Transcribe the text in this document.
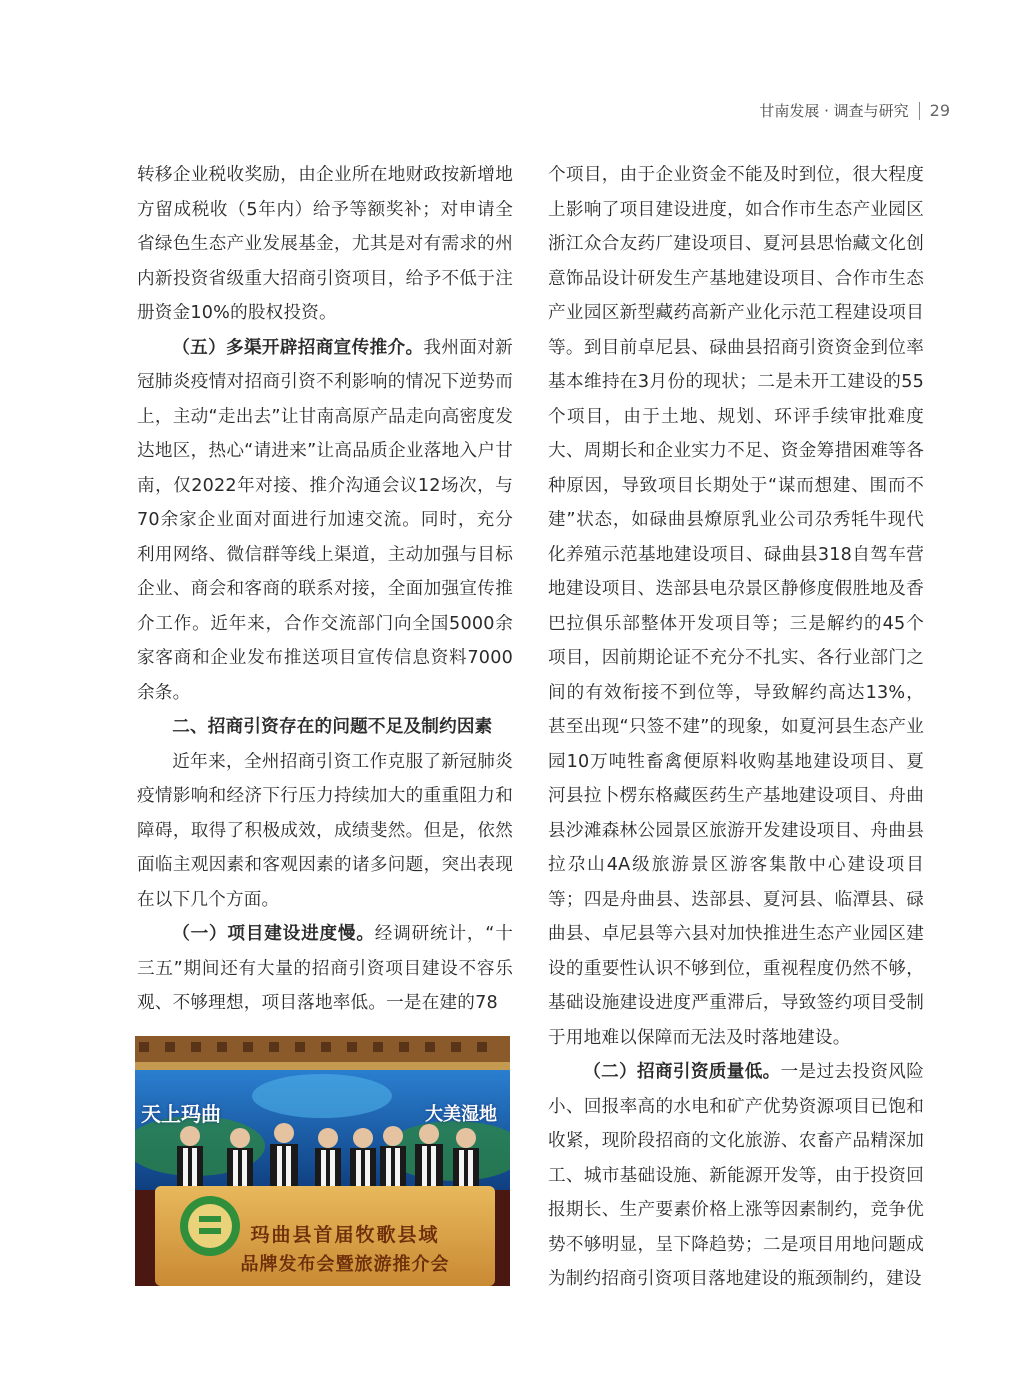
甘南发展 · 调查与研究 29

转移企业税收奖励，由企业所在地财政按新增地方留成税收（5年内）给予等额奖补；对申请全省绿色生态产业发展基金，尤其是对有需求的州内新投资省级重大招商引资项目，给予不低于注册资金10%的股权投资。

（五）多渠开辟招商宣传推介。我州面对新冠肺炎疫情对招商引资不利影响的情况下逆势而上，主动“走出去”让甘南高原产品走向高密度发达地区，热心“请进来”让高品质企业落地入户甘南，仅2022年对接、推介沟通会议12场次，与70余家企业面对面进行加速交流。同时，充分利用网络、微信群等线上渠道，主动加强与目标企业、商会和客商的联系对接，全面加强宣传推介工作。近年来，合作交流部门向全国5000余家客商和企业发布推送项目宣传信息资料7000余条。

二、招商引资存在的问题不足及制约因素

近年来，全州招商引资工作克服了新冠肺炎疫情影响和经济下行压力持续加大的重重阻力和障碍，取得了积极成效，成绩斐然。但是，依然面临主观因素和客观因素的诸多问题，突出表现在以下几个方面。

（一）项目建设进度慢。经调研统计，“十三五”期间还有大量的招商引资项目建设不容乐观、不够理想，项目落地率低。一是在建的78

个项目，由于企业资金不能及时到位，很大程度上影响了项目建设进度，如合作市生态产业园区浙江众合友药厂建设项目、夏河县思怡藏文化创意饰品设计研发生产基地建设项目、合作市生态产业园区新型藏药高新产业化示范工程建设项目等。到目前卓尼县、碌曲县招商引资资金到位率基本维持在3月份的现状；二是未开工建设的55个项目，由于土地、规划、环评手续审批难度大、周期长和企业实力不足、资金筹措困难等各种原因，导致项目长期处于“谋而想建、围而不建”状态，如碌曲县燎原乳业公司尕秀牦牛现代化养殖示范基地建设项目、碌曲县318自驾车营地建设项目、迭部县电尕景区静修度假胜地及香巴拉俱乐部整体开发项目等；三是解约的45个项目，因前期论证不充分不扎实、各行业部门之间的有效衔接不到位等，导致解约高达13%，甚至出现“只签不建”的现象，如夏河县生态产业园10万吨牲畜禽便原料收购基地建设项目、夏河县拉卜楞东格藏医药生产基地建设项目、舟曲县沙滩森林公园景区旅游开发建设项目、舟曲县拉尕山4A级旅游景区游客集散中心建设项目等；四是舟曲县、迭部县、夏河县、临潭县、碌曲县、卓尼县等六县对加快推进生态产业园区建设的重要性认识不够到位，重视程度仍然不够，基础设施建设进度严重滞后，导致签约项目受制于用地难以保障而无法及时落地建设。

（二）招商引资质量低。一是过去投资风险小、回报率高的水电和矿产优势资源项目已饱和收紧，现阶段招商的文化旅游、农畜产品精深加工、城市基础设施、新能源开发等，由于投资回报期长、生产要素价格上涨等因素制约，竞争优势不够明显，呈下降趋势；二是项目用地问题成为制约招商引资项目落地建设的瓶颈制约，建设

天上玛曲	大美湿地
玛曲县首届牧歌县域
品牌发布会暨旅游推介会
